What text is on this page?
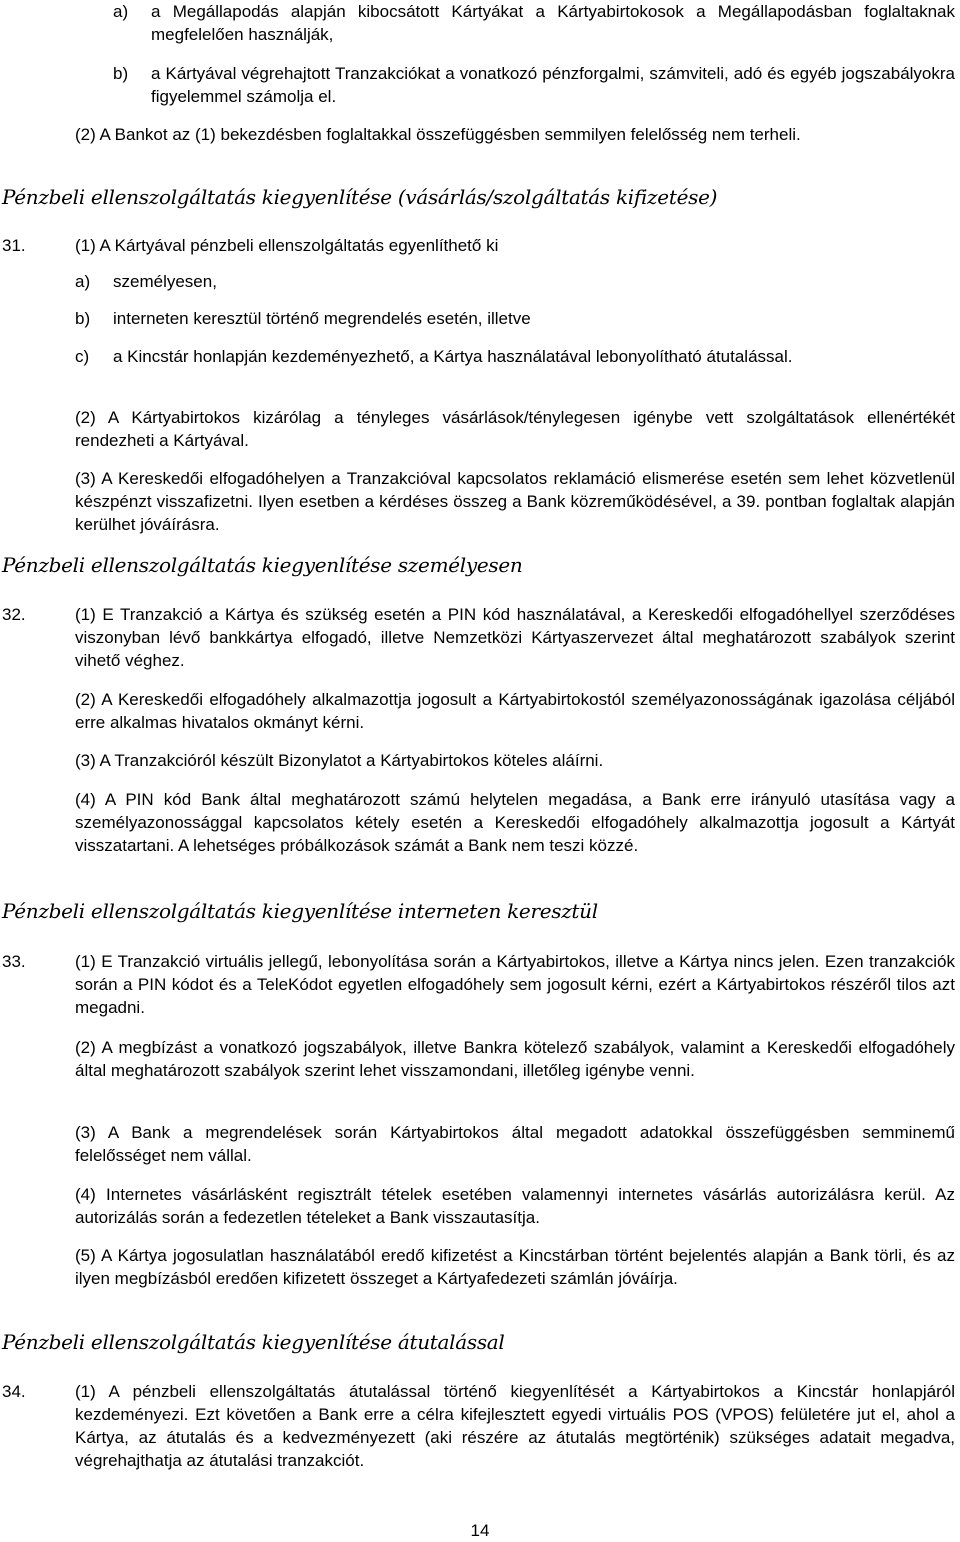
a)	a Megállapodás alapján kibocsátott Kártyákat a Kártyabirtokosok a Megállapodásban foglaltaknak megfelelően használják,
b)	a Kártyával végrehajtott Tranzakciókat a vonatkozó pénzforgalmi, számviteli, adó és egyéb jogszabályokra figyelemmel számolja el.
(2) A Bankot az (1) bekezdésben foglaltakkal összefüggésben semmilyen felelősség nem terheli.
Pénzbeli ellenszolgáltatás kiegyenlítése (vásárlás/szolgáltatás kifizetése)
31.	(1) A Kártyával pénzbeli ellenszolgáltatás egyenlíthető ki
a)	személyesen,
b)	interneten keresztül történő megrendelés esetén, illetve
c)	a Kincstár honlapján kezdeményezhető, a Kártya használatával lebonyolítható átutalással.
(2) A Kártyabirtokos kizárólag a tényleges vásárlások/ténylegesen igénybe vett szolgáltatások ellenértékét rendezheti a Kártyával.
(3) A Kereskedői elfogadóhelyen a Tranzakcióval kapcsolatos reklamáció elismerése esetén sem lehet közvetlenül készpénzt visszafizetni. Ilyen esetben a kérdéses összeg a Bank közreműködésével, a 39. pontban foglaltak alapján kerülhet jóváírásra.
Pénzbeli ellenszolgáltatás kiegyenlítése személyesen
32.	(1) E Tranzakció a Kártya és szükség esetén a PIN kód használatával, a Kereskedői elfogadóhellyel szerződéses viszonyban lévő bankkártya elfogadó, illetve Nemzetközi Kártyaszervezet által meghatározott szabályok szerint vihető véghez.
(2) A Kereskedői elfogadóhely alkalmazottja jogosult a Kártyabirtokostól személyazonosságának igazolása céljából erre alkalmas hivatalos okmányt kérni.
(3) A Tranzakcióról készült Bizonylatot a Kártyabirtokos köteles aláírni.
(4) A PIN kód Bank által meghatározott számú helytelen megadása, a Bank erre irányuló utasítása vagy a személyazonossággal kapcsolatos kétely esetén a Kereskedői elfogadóhely alkalmazottja jogosult a Kártyát visszatartani. A lehetséges próbálkozások számát a Bank nem teszi közzé.
Pénzbeli ellenszolgáltatás kiegyenlítése interneten keresztül
33.	(1) E Tranzakció virtuális jellegű, lebonyolítása során a Kártyabirtokos, illetve a Kártya nincs jelen. Ezen tranzakciók során a PIN kódot és a TeleKódot egyetlen elfogadóhely sem jogosult kérni, ezért a Kártyabirtokos részéről tilos azt megadni.
(2) A megbízást a vonatkozó jogszabályok, illetve Bankra kötelező szabályok, valamint a Kereskedői elfogadóhely által meghatározott szabályok szerint lehet visszamondani, illetőleg igénybe venni.
(3) A Bank a megrendelések során Kártyabirtokos által megadott adatokkal összefüggésben semminemű felelősséget nem vállal.
(4) Internetes vásárlásként regisztrált tételek esetében valamennyi internetes vásárlás autorizálásra kerül. Az autorizálás során a fedezetlen tételeket a Bank visszautasítja.
(5) A Kártya jogosulatlan használatából eredő kifizetést a Kincstárban történt bejelentés alapján a Bank törli, és az ilyen megbízásból eredően kifizetett összeget a Kártyafedezeti számlán jóváírja.
Pénzbeli ellenszolgáltatás kiegyenlítése átutalással
34.	(1) A pénzbeli ellenszolgáltatás átutalással történő kiegyenlítését a Kártyabirtokos a Kincstár honlapjáról kezdeményezi. Ezt követően a Bank erre a célra kifejlesztett egyedi virtuális POS (VPOS) felületére jut el, ahol a Kártya, az átutalás és a kedvezményezett (aki részére az átutalás megtörténik) szükséges adatait megadva, végrehajthatja az átutalási tranzakciót.
14
